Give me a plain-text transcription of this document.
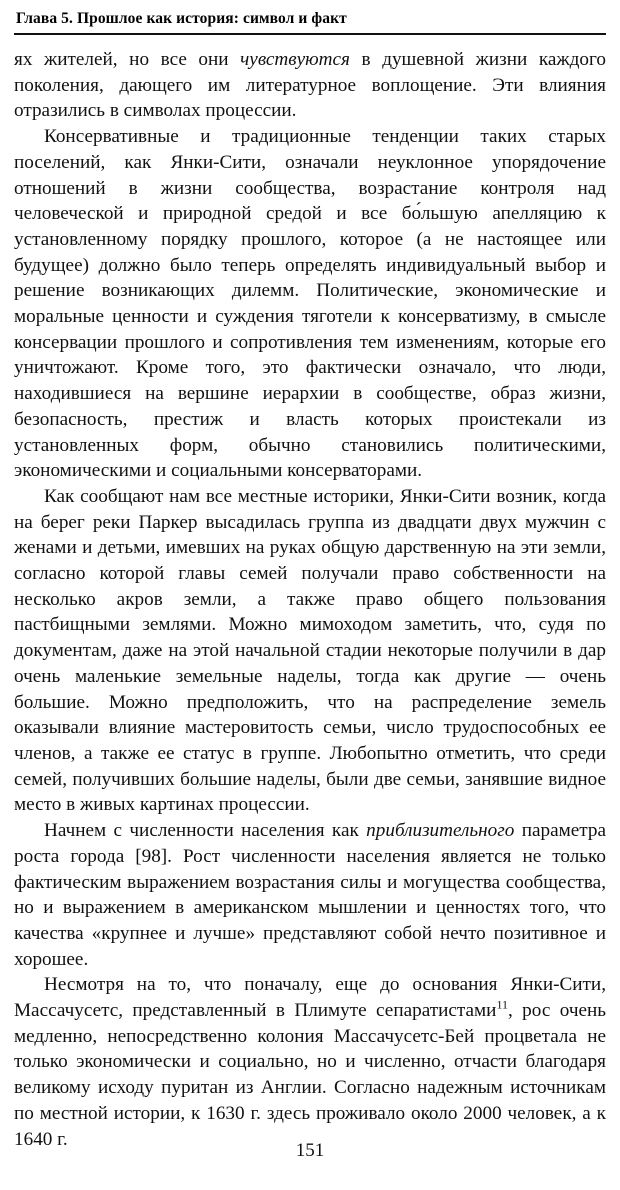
Глава 5. Прошлое как история: символ и факт

ях жителей, но все они чувствуются в душевной жизни каждого поколения, дающего им литературное воплощение. Эти влияния отразились в символах процессии.

Консервативные и традиционные тенденции таких старых поселений, как Янки-Сити, означали неуклонное упорядочение отношений в жизни сообщества, возрастание контроля над человеческой и природной средой и все бо́льшую апелляцию к установленному порядку прошлого, которое (а не настоящее или будущее) должно было теперь определять индивидуальный выбор и решение возникающих дилемм. Политические, экономические и моральные ценности и суждения тяготели к консерватизму, в смысле консервации прошлого и сопротивления тем изменениям, которые его уничтожают. Кроме того, это фактически означало, что люди, находившиеся на вершине иерархии в сообществе, образ жизни, безопасность, престиж и власть которых проистекали из установленных форм, обычно становились политическими, экономическими и социальными консерваторами.

Как сообщают нам все местные историки, Янки-Сити возник, когда на берег реки Паркер высадилась группа из двадцати двух мужчин с женами и детьми, имевших на руках общую дарственную на эти земли, согласно которой главы семей получали право собственности на несколько акров земли, а также право общего пользования пастбищными землями. Можно мимоходом заметить, что, судя по документам, даже на этой начальной стадии некоторые получили в дар очень маленькие земельные наделы, тогда как другие — очень большие. Можно предположить, что на распределение земель оказывали влияние мастеровитость семьи, число трудоспособных ее членов, а также ее статус в группе. Любопытно отметить, что среди семей, получивших большие наделы, были две семьи, занявшие видное место в живых картинах процессии.

Начнем с численности населения как приблизительного параметра роста города [98]. Рост численности населения является не только фактическим выражением возрастания силы и могущества сообщества, но и выражением в американском мышлении и ценностях того, что качества «крупнее и лучше» представляют собой нечто позитивное и хорошее.

Несмотря на то, что поначалу, еще до основания Янки-Сити, Массачусетс, представленный в Плимуте сепаратистами$^{11}$, рос очень медленно, непосредственно колония Массачусетс-Бей процветала не только экономически и социально, но и численно, отчасти благодаря великому исходу пуритан из Англии. Согласно надежным источникам по местной истории, к 1630 г. здесь проживало около 2000 человек, а к 1640 г.

151
